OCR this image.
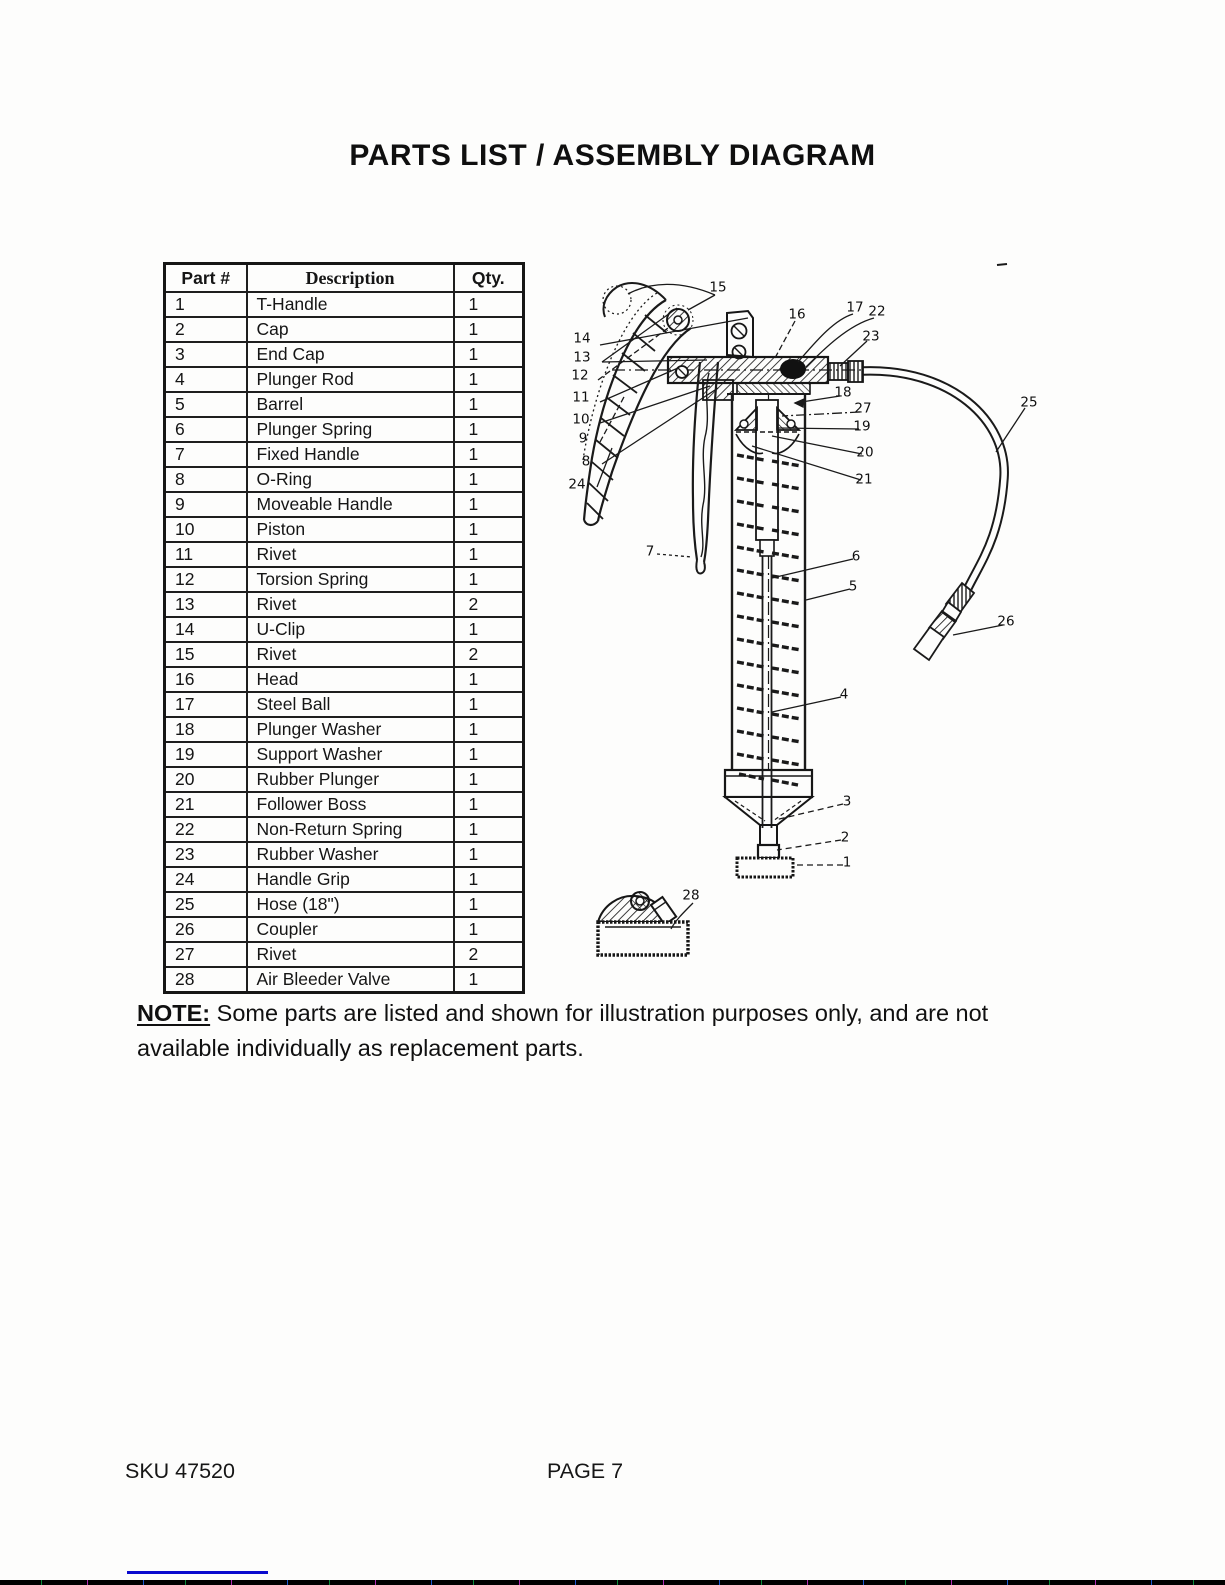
PARTS LIST / ASSEMBLY DIAGRAM
Part #	Description	Qty.
1	T-Handle	1
2	Cap	1
3	End Cap	1
4	Plunger Rod	1
5	Barrel	1
6	Plunger Spring	1
7	Fixed Handle	1
8	O-Ring	1
9	Moveable Handle	1
10	Piston	1
11	Rivet	1
12	Torsion Spring	1
13	Rivet	2
14	U-Clip	1
15	Rivet	2
16	Head	1
17	Steel Ball	1
18	Plunger Washer	1
19	Support Washer	1
20	Rubber Plunger	1
21	Follower Boss	1
22	Non-Return Spring	1
23	Rubber Washer	1
24	Handle Grip	1
25	Hose (18")	1
26	Coupler	1
27	Rivet	2
28	Air Bleeder Valve	1
15
16	17 22
23
14
13
12
11
10
9
8
24
18
27
19
20
21
25
26
7	6
5
4
3
2
1
28
NOTE: Some parts are listed and shown for illustration purposes only, and are not available individually as replacement parts.
SKU 47520	PAGE 7
